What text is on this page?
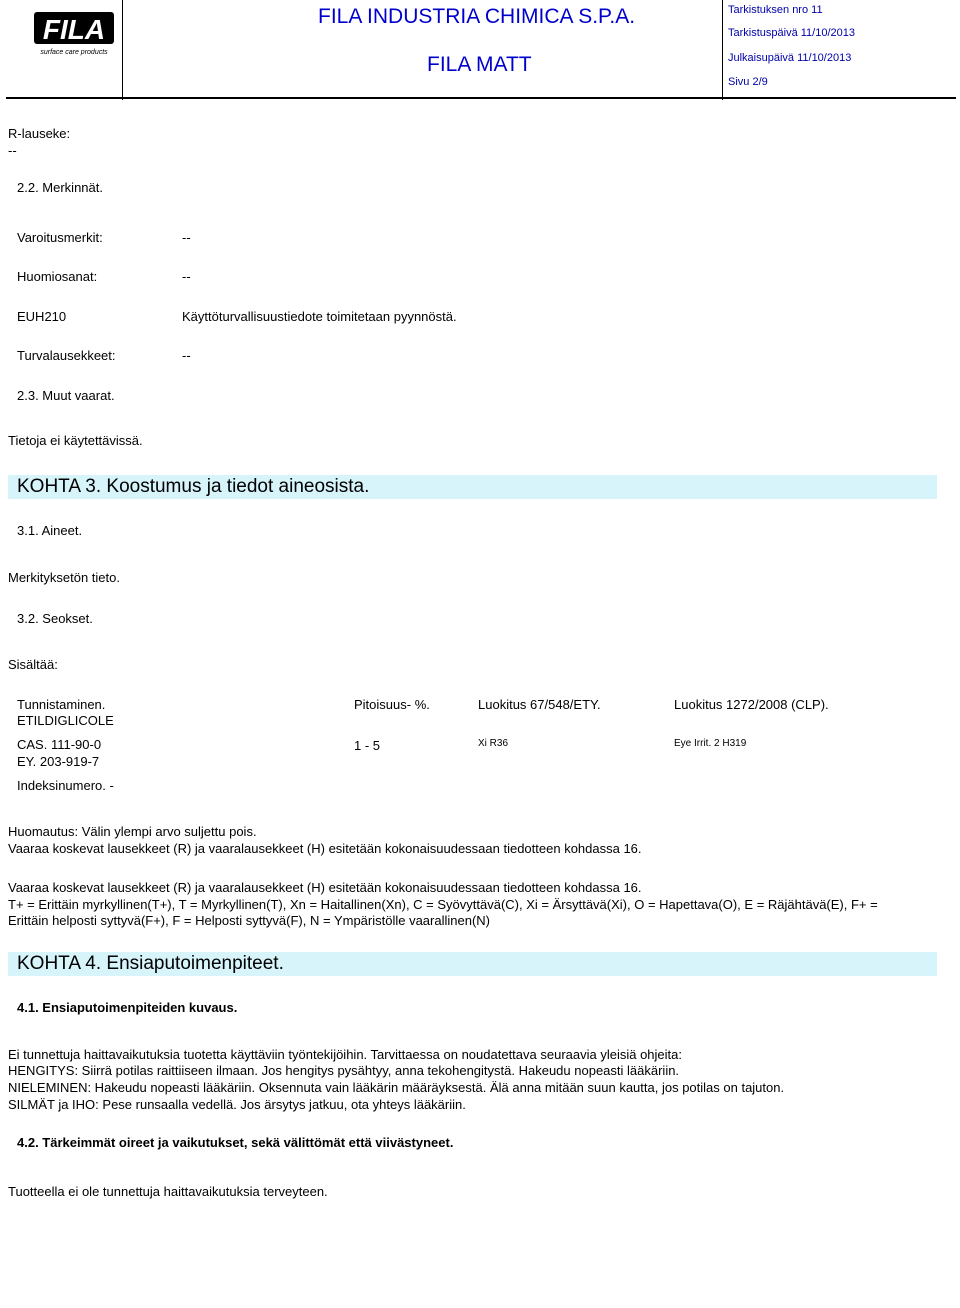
FILA
surface care products
FILA INDUSTRIA CHIMICA S.P.A.
FILA MATT
Tarkistuksen nro 11
Tarkistuspäivä 11/10/2013
Julkaisupäivä 11/10/2013
Sivu 2/9
R-lauseke:
--
2.2. Merkinnät.
Varoitusmerkit:	--
Huomiosanat:	--
EUH210	Käyttöturvallisuustiedote toimitetaan pyynnöstä.
Turvalausekkeet:	--
2.3. Muut vaarat.
Tietoja ei käytettävissä.
KOHTA 3. Koostumus ja tiedot aineosista.
3.1. Aineet.
Merkityksetön tieto.
3.2. Seokset.
Sisältää:
Tunnistaminen.	Pitoisuus- %.	Luokitus 67/548/ETY.	Luokitus 1272/2008 (CLP).
ETILDIGLICOLE
CAS. 111-90-0	1 - 5	Xi R36	Eye Irrit. 2 H319
EY. 203-919-7
Indeksinumero. -
Huomautus: Välin ylempi arvo suljettu pois.
Vaaraa koskevat lausekkeet (R) ja vaaralausekkeet (H) esitetään kokonaisuudessaan tiedotteen kohdassa 16.
Vaaraa koskevat lausekkeet (R) ja vaaralausekkeet (H) esitetään kokonaisuudessaan tiedotteen kohdassa 16.
T+ = Erittäin myrkyllinen(T+), T = Myrkyllinen(T), Xn = Haitallinen(Xn), C = Syövyttävä(C), Xi = Ärsyttävä(Xi), O = Hapettava(O), E = Räjähtävä(E), F+ =
Erittäin helposti syttyvä(F+), F = Helposti syttyvä(F), N = Ympäristölle vaarallinen(N)
KOHTA 4. Ensiaputoimenpiteet.
4.1. Ensiaputoimenpiteiden kuvaus.
Ei tunnettuja haittavaikutuksia tuotetta käyttäviin työntekijöihin. Tarvittaessa on noudatettava seuraavia yleisiä ohjeita:
HENGITYS: Siirrä potilas raittiiseen ilmaan. Jos hengitys pysähtyy, anna tekohengitystä. Hakeudu nopeasti lääkäriin.
NIELEMINEN: Hakeudu nopeasti lääkäriin. Oksennuta vain lääkärin määräyksestä. Älä anna mitään suun kautta, jos potilas on tajuton.
SILMÄT ja IHO: Pese runsaalla vedellä. Jos ärsytys jatkuu, ota yhteys lääkäriin.
4.2. Tärkeimmät oireet ja vaikutukset, sekä välittömät että viivästyneet.
Tuotteella ei ole tunnettuja haittavaikutuksia terveyteen.
